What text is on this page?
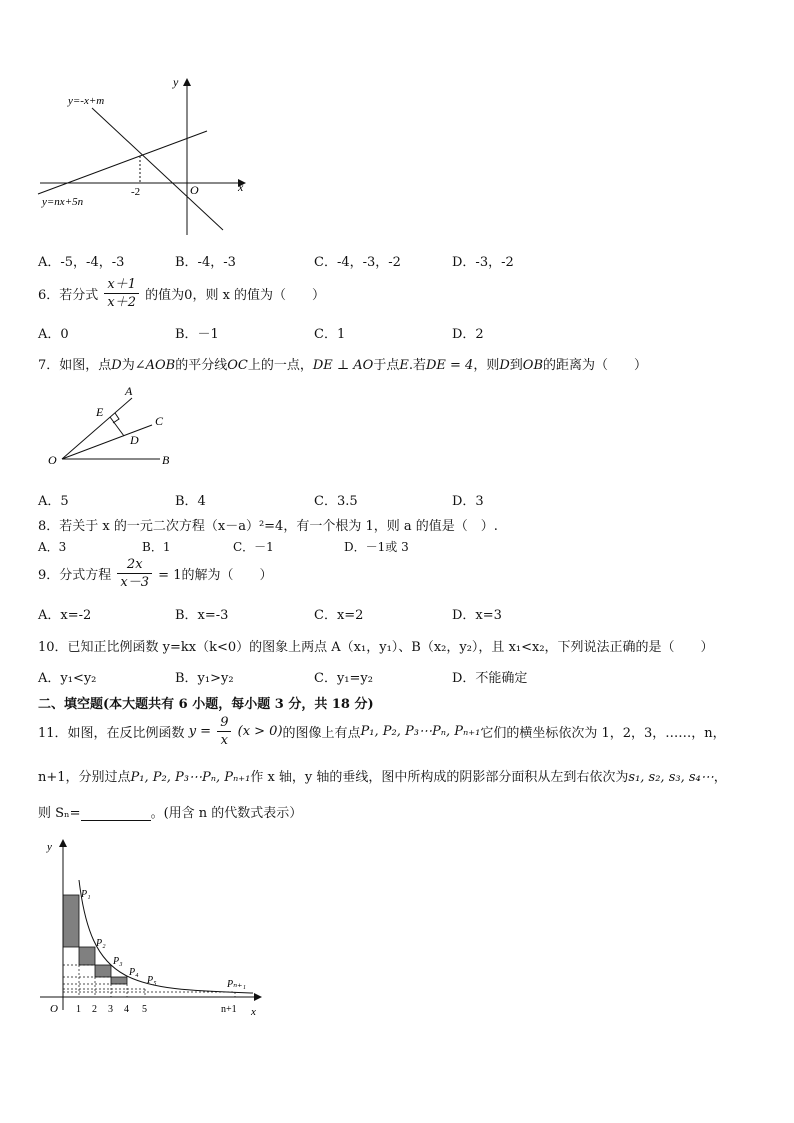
y=-x+m
y=nx+5n
y
x
O
-2
A．-5，-4，-3	B．-4，-3	C．-4，-3，-2	D．-3，-2
6．若分式 $\frac{x+1}{x+2}$ 的值为0，则 x 的值为（　　）
A．0	B．－1	C．1	D．2
7．如图，点D为∠AOB的平分线OC上的一点，DE ⊥ AO于点E.若DE = 4，则D到OB的距离为（　　）
A
E
C
D
O	B
A．5	B．4	C．3.5	D．3
8．若关于 x 的一元二次方程（x－a）²=4，有一个根为 1，则 a 的值是（　）.
A．3	B．1	C．－1	D．－1或 3
9．分式方程 $\frac{2x}{x-3} = 1$的解为（　　）
A．x=-2	B．x=-3	C．x=2	D．x=3
10．已知正比例函数 y=kx（k<0）的图象上两点 A（x₁，y₁）、B（x₂，y₂），且 x₁<x₂，下列说法正确的是（　　）
A．y₁<y₂	B．y₁>y₂	C．y₁=y₂	D．不能确定
二、填空题(本大题共有 6 小题，每小题 3 分，共 18 分)
11．如图，在反比例函数 $y = \frac{9}{x} (x > 0)$的图像上有点P₁, P₂, P₃⋯Pₙ, Pₙ₊₁它们的横坐标依次为 1，2，3，……，n，
n+1，分别过点P₁, P₂, P₃⋯Pₙ, Pₙ₊₁作 x 轴，y 轴的垂线，图中所构成的阴影部分面积从左到右依次为s₁, s₂, s₃, s₄⋯，
则 Sₙ=	。(用含 n 的代数式表示）
y
x
O 1 2 3 4 5	n+1
P₁
P₂
P₃
P₄
P₅	Pₙ₊₁
